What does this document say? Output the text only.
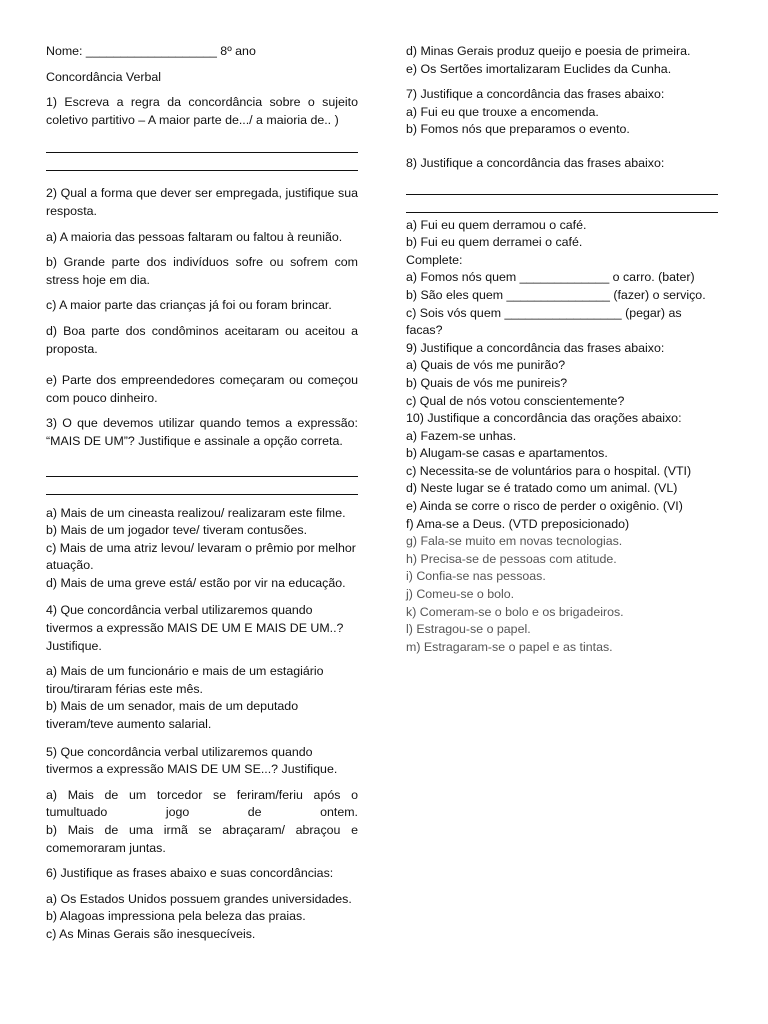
Nome: ___________________ 8º ano

Concordância Verbal

1) Escreva a regra da concordância sobre o sujeito coletivo partitivo – A maior parte de.../ a maioria de.. )

2) Qual a forma que dever ser empregada, justifique sua resposta.

a) A maioria das pessoas faltaram ou faltou à reunião.

b) Grande parte dos indivíduos sofre ou sofrem com stress hoje em dia.

c) A maior parte das crianças já foi ou foram brincar.

d) Boa parte dos condôminos aceitaram ou aceitou a proposta.

e) Parte dos empreendedores começaram ou começou com pouco dinheiro.

3) O que devemos utilizar quando temos a expressão: “MAIS DE UM”? Justifique e assinale a opção correta.

a) Mais de um cineasta realizou/ realizaram este filme.

b) Mais de um jogador teve/ tiveram contusões.

c) Mais de uma atriz levou/ levaram o prêmio por melhor atuação.

d) Mais de uma greve está/ estão por vir na educação.

4) Que concordância verbal utilizaremos quando tivermos a expressão MAIS DE UM E MAIS DE UM..? Justifique.

a) Mais de um funcionário e mais de um estagiário tirou/tiraram férias este mês.

b) Mais de um senador, mais de um deputado tiveram/teve aumento salarial.

5) Que concordância verbal utilizaremos quando tivermos a expressão MAIS DE UM SE...? Justifique.

a) Mais de um torcedor se feriram/feriu após o

tumultuado	jogo	de	ontem.

b) Mais de uma irmã se abraçaram/ abraçou e comemoraram juntas.

6) Justifique as frases abaixo e suas concordâncias:

a) Os Estados Unidos possuem grandes universidades.

b) Alagoas impressiona pela beleza das praias.

c) As Minas Gerais são inesquecíveis.

d) Minas Gerais produz queijo e poesia de primeira.

e) Os Sertões imortalizaram Euclides da Cunha.

7) Justifique a concordância das frases abaixo:

a) Fui eu que trouxe a encomenda.

b) Fomos nós que preparamos o evento.

8) Justifique a concordância das frases abaixo:

a) Fui eu quem derramou o café.

b) Fui eu quem derramei o café.

Complete:

a) Fomos nós quem _____________ o carro. (bater)

b) São eles quem _______________ (fazer) o serviço.

c) Sois vós quem _________________ (pegar) as facas?

9) Justifique a concordância das frases abaixo:

a) Quais de vós me punirão?

b) Quais de vós me punireis?

c) Qual de nós votou conscientemente?

10) Justifique a concordância das orações abaixo:

a) Fazem-se unhas.

b) Alugam-se casas e apartamentos.

c) Necessita-se de voluntários para o hospital. (VTI)

d) Neste lugar se é tratado como um animal. (VL)

e) Ainda se corre o risco de perder o oxigênio. (VI)

f) Ama-se a Deus. (VTD preposicionado)

g) Fala-se muito em novas tecnologias.

h) Precisa-se de pessoas com atitude.

i) Confia-se nas pessoas.

j) Comeu-se o bolo.

k) Comeram-se o bolo e os brigadeiros.

l) Estragou-se o papel.

m) Estragaram-se o papel e as tintas.
